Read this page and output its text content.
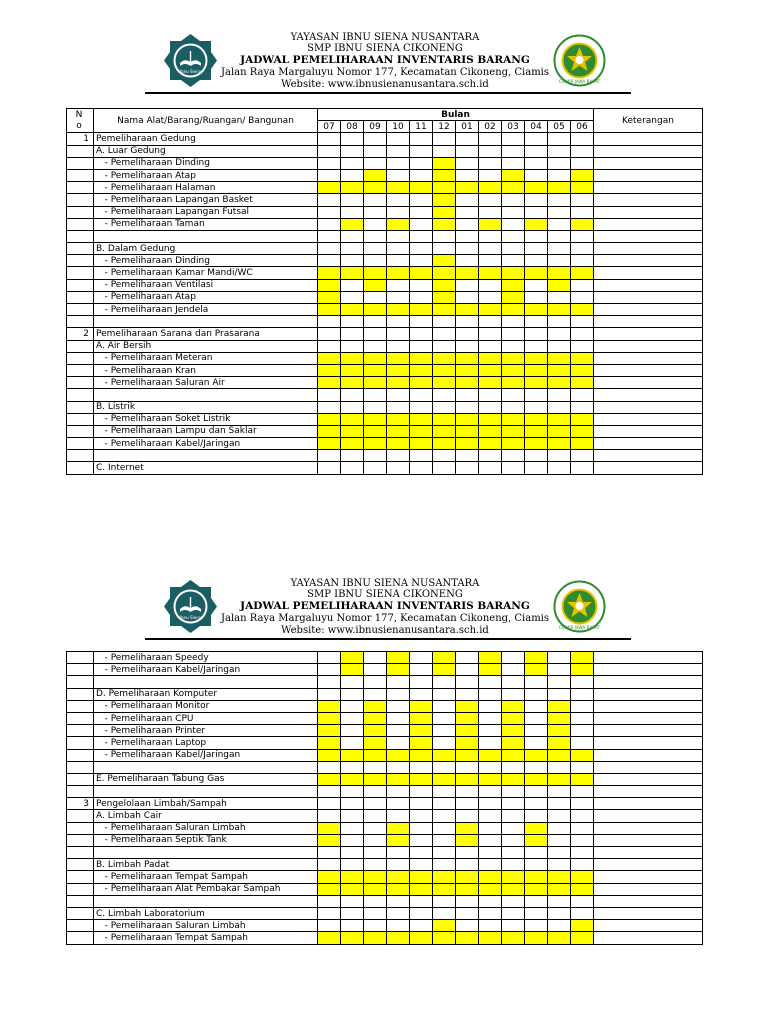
Ibnu Siena
YAYASAN IBNU SIENA NUSANTARA
SMP IBNU SIENA CIKONENG
JADWAL PEMELIHARAAN INVENTARIS BARANG
Jalan Raya Margaluyu Nomor 177, Kecamatan Cikoneng, Ciamis
Website: www.ibnusienanusantara.sch.id	CIAMIS JAWA BARAT
N
o	Nama Alat/Barang/Ruangan/ Bangunan	Bulan												Keterangan
		07	08	09	10	11	12	01	02	03	04	05	06	
1	Pemeliharaan Gedung													
	A. Luar Gedung													
	- Pemeliharaan Dinding													
	- Pemeliharaan Atap													
	- Pemeliharaan Halaman													
	- Pemeliharaan Lapangan Basket													
	- Pemeliharaan Lapangan Futsal													
	- Pemeliharaan Taman													

	B. Dalam Gedung													
	- Pemeliharaan Dinding													
	- Pemeliharaan Kamar Mandi/WC													
	- Pemeliharaan Ventilasi													
	- Pemeliharaan Atap													
	- Pemeliharaan Jendela													

2	Pemeliharaan Sarana dan Prasarana													
	A. Air Bersih													
	- Pemeliharaan Meteran													
	- Pemeliharaan Kran													
	- Pemeliharaan Saluran Air													

	B. Listrik													
	- Pemeliharaan Soket Listrik													
	- Pemeliharaan Lampu dan Saklar													
	- Pemeliharaan Kabel/Jaringan													

	C. Internet													
Ibnu Siena
YAYASAN IBNU SIENA NUSANTARA
SMP IBNU SIENA CIKONENG
JADWAL PEMELIHARAAN INVENTARIS BARANG
Jalan Raya Margaluyu Nomor 177, Kecamatan Cikoneng, Ciamis
Website: www.ibnusienanusantara.sch.id	CIAMIS JAWA BARAT
	- Pemeliharaan Speedy													
	- Pemeliharaan Kabel/Jaringan													

	D. Pemeliharaan Komputer													
	- Pemeliharaan Monitor													
	- Pemeliharaan CPU													
	- Pemeliharaan Printer													
	- Pemeliharaan Laptop													
	- Pemeliharaan Kabel/Jaringan													

	E. Pemeliharaan Tabung Gas													

3	Pengelolaan Limbah/Sampah													
	A. Limbah Cair													
	- Pemeliharaan Saluran Limbah													
	- Pemeliharaan Septik Tank													

	B. Limbah Padat													
	- Pemeliharaan Tempat Sampah													
	- Pemeliharaan Alat Pembakar Sampah													

	C. Limbah Laboratorium													
	- Pemeliharaan Saluran Limbah													
	- Pemeliharaan Tempat Sampah													
